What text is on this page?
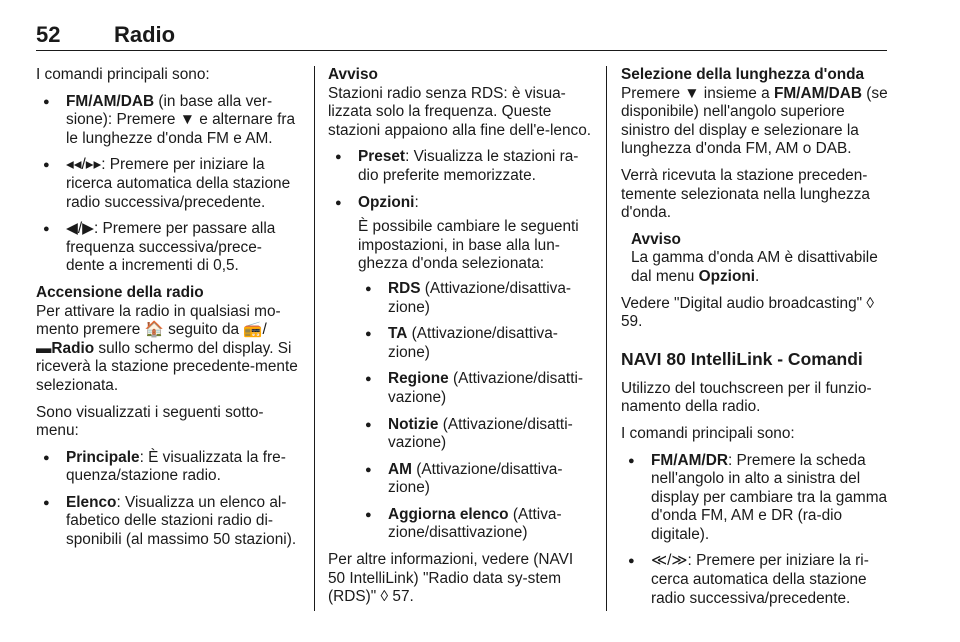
52 Radio

I comandi principali sono:

● FM/AM/DAB (in base alla ver-sione): Premere ▼ e alternare fra le lunghezze d'onda FM e AM.
● ◂◂/▸▸: Premere per iniziare la ricerca automatica della stazione radio successiva/precedente.
● ◀/▶: Premere per passare alla frequenza successiva/prece-dente a incrementi di 0,5.

Accensione della radio

Per attivare la radio in qualsiasi mo-mento premere 🏠 seguito da 📻/
▬Radio sullo schermo del display. Si riceverà la stazione precedente-mente selezionata.

Sono visualizzati i seguenti sotto-menu:

● Principale: È visualizzata la fre-quenza/stazione radio.
● Elenco: Visualizza un elenco al-fabetico delle stazioni radio di-sponibili (al massimo 50 stazioni).

Avviso

Stazioni radio senza RDS: è visua-lizzata solo la frequenza. Queste stazioni appaiono alla fine dell'e-lenco.

● Preset: Visualizza le stazioni ra-dio preferite memorizzate.
● Opzioni:
È possibile cambiare le seguenti impostazioni, in base alla lun-ghezza d'onda selezionata:
● RDS (Attivazione/disattiva-zione)
● TA (Attivazione/disattiva-zione)
● Regione (Attivazione/disatti-vazione)
● Notizie (Attivazione/disatti-vazione)
● AM (Attivazione/disattiva-zione)
● Aggiorna elenco (Attiva-zione/disattivazione)

Per altre informazioni, vedere (NAVI 50 IntelliLink) "Radio data sy-stem (RDS)" ◊ 57.

Selezione della lunghezza d'onda

Premere ▼ insieme a FM/AM/DAB (se disponibile) nell'angolo superiore sinistro del display e selezionare la lunghezza d'onda FM, AM o DAB.

Verrà ricevuta la stazione preceden-temente selezionata nella lunghezza d'onda.

Avviso

La gamma d'onda AM è disattivabile dal menu Opzioni.

Vedere "Digital audio broadcasting" ◊ 59.

NAVI 80 IntelliLink - Comandi

Utilizzo del touchscreen per il funzio-namento della radio.

I comandi principali sono:

● FM/AM/DR: Premere la scheda nell'angolo in alto a sinistra del display per cambiare tra la gamma d'onda FM, AM e DR (ra-dio digitale).
● ≪/≫: Premere per iniziare la ri-cerca automatica della stazione radio successiva/precedente.
